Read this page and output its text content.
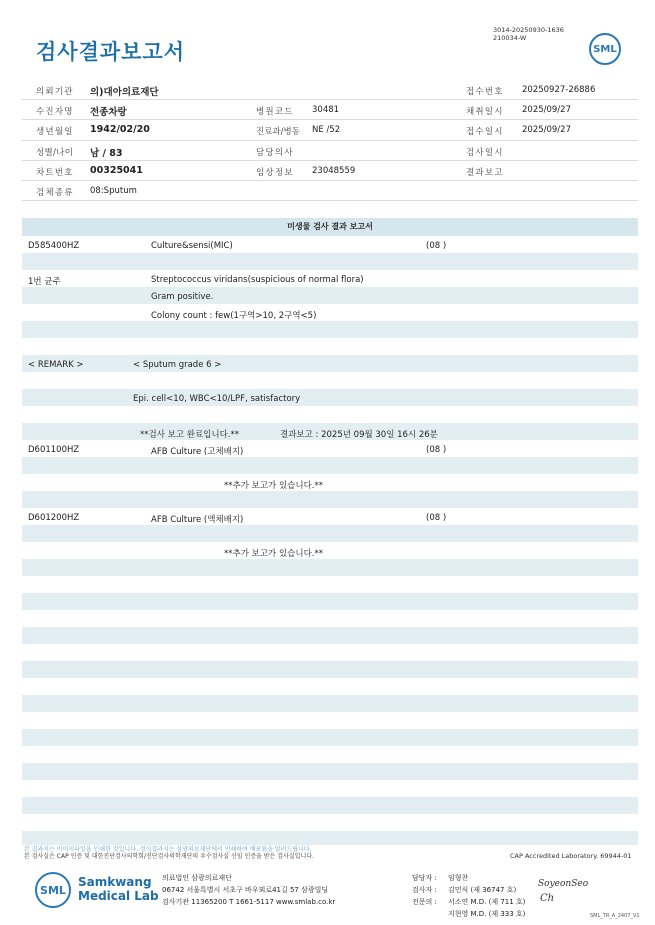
검사결과보고서
3014-20250930-1636
210034-W
SML
의뢰기관 의)대아의료재단	접수번호 20250927-26886
수진자명 전종차랑	병원코드 30481	채취일시 2025/09/27
생년월일 1942/02/20	진료과/병동 NE /52	접수일시 2025/09/27
성별/나이 남 / 83	담당의사	검사일시
차트번호 00325041	임상정보 23048559	결과보고
검체종류 08:Sputum
미생물 검사 결과 보고서
D585400HZ	Culture&sensi(MIC)	(08 )
1번 균주	Streptococcus viridans(suspicious of normal flora)
Gram positive.
Colony count : few(1구역>10, 2구역<5)
< REMARK >	< Sputum grade 6 >
Epi. cell<10, WBC<10/LPF, satisfactory
**검사 보고 완료입니다.**	결과보고 : 2025년 09월 30일 16시 26분
D601100HZ	AFB Culture (고체배지)	(08 )
**추가 보고가 있습니다.**
D601200HZ	AFB Culture (액체배지)	(08 )
**추가 보고가 있습니다.**
본 결과지는 이미지파일을 인쇄한 것입니다. 정식결과지는 삼광의료재단에서 인쇄하여 배포됨을 알려드립니다.
본 검사실은 CAP 인증 및 대한진단검사의학회/진단검사의학재단의 우수검사실 신임 인증을 받은 검사실입니다.	CAP Accredited Laboratory. 69944-01
SML
Samkwang
Medical Lab
의료법인 삼광의료재단
06742 서울특별시 서초구 바우뫼로41길 57 삼광빌딩
검사기관 11365200 T 1661-5117 www.smlab.co.kr
담당자 : 임형찬
검사자 : 김민식 (제 36747 호)
전문의 : 서소연 M.D. (제 711 호)
지현영 M.D. (제 333 호)
SoyeonSeo
Ch
SML_TR_A_2407_V1
